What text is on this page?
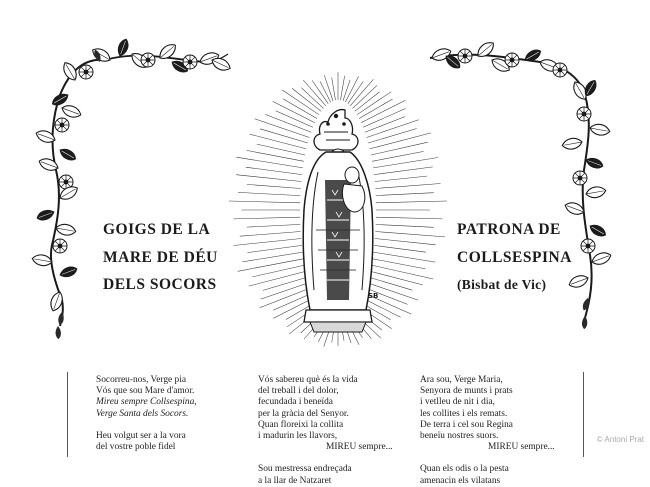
SB
GOIGS DE LA
MARE DE DÉU
DELS SOCORS
PATRONA DE
COLLSESPINA
(Bisbat de Vic)
Socorreu-nos, Verge pia
Vós que sou Mare d'amor.
Mireu sempre Collsespina,
Verge Santa dels Socors.
Heu volgut ser a la vora
del vostre poble fidel
Vós sabereu què és la vida
del treball i del dolor,
fecundada i beneïda
per la gràcia del Senyor.
Quan floreixi la collita
i madurin les llavors,
MIREU sempre...
Sou mestressa endreçada
a la llar de Natzaret
Ara sou, Verge Maria,
Senyora de munts i prats
i vetlleu de nit i dia,
les collites i els remats.
De terra i cel sou Regina
beneïu nostres suors.
MIREU sempre...
Quan els odis o la pesta
amenacin els vilatans
© Antoni Prat
